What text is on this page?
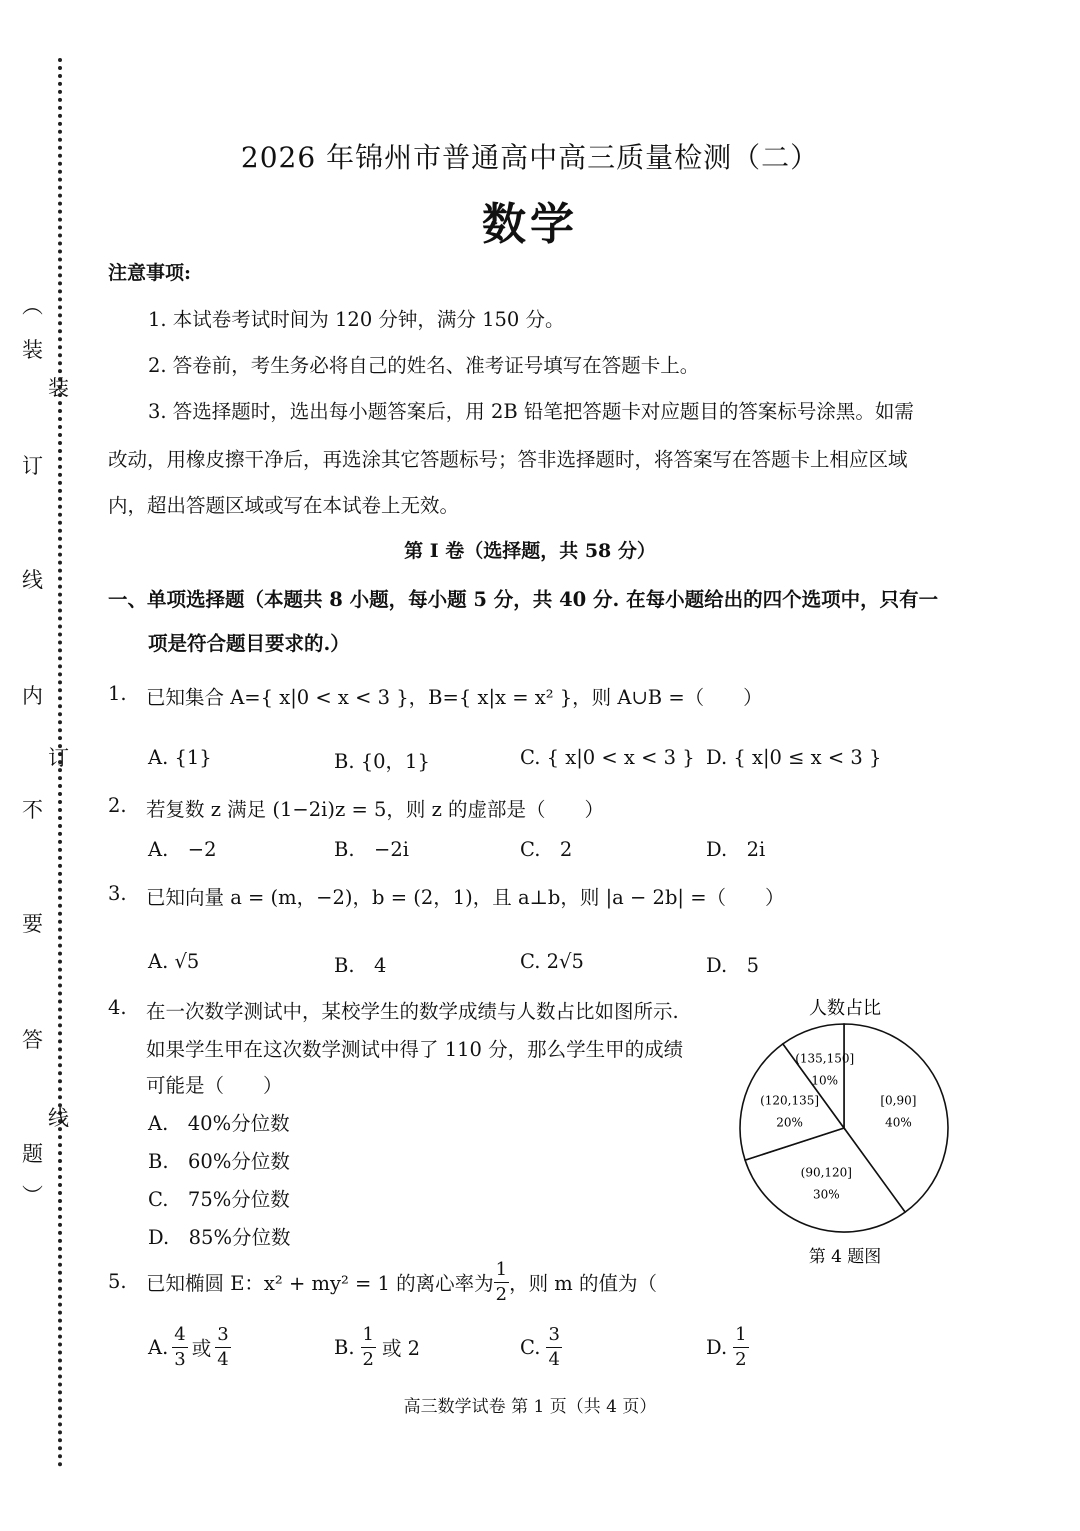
︵
装
订
线
内
不
要
答
题
︶
装
订
线
2026 年锦州市普通高中高三质量检测（二）
数学
注意事项:
1. 本试卷考试时间为 120 分钟，满分 150 分。
2. 答卷前，考生务必将自己的姓名、准考证号填写在答题卡上。
3. 答选择题时，选出每小题答案后，用 2B 铅笔把答题卡对应题目的答案标号涂黑。如需
改动，用橡皮擦干净后，再选涂其它答题标号；答非选择题时，将答案写在答题卡上相应区域
内，超出答题区域或写在本试卷上无效。
第 I 卷（选择题，共 58 分）
一、单项选择题（本题共 8 小题，每小题 5 分，共 40 分. 在每小题给出的四个选项中，只有一
项是符合题目要求的.）
1. 已知集合 A={ x|0 < x < 3 }，B={ x|x = x² }，则 A∪B =（　　）
A. {1}	B. {0，1}	C. { x|0 < x < 3 } D. { x|0 ≤ x < 3 }
2. 若复数 z 满足 (1−2i)z = 5，则 z 的虚部是（　　）
A.　−2	B.　−2i	C.　2	D.　2i
3. 已知向量 a = (m，−2)，b = (2，1)，且 a⊥b，则 |a − 2b| =（　　）
A. √5	B.　4	C. 2√5	D.　5
4. 在一次数学测试中，某校学生的数学成绩与人数占比如图所示.
如果学生甲在这次数学测试中得了 110 分，那么学生甲的成绩
可能是（　　）
A.　40%分位数
B.　60%分位数
C.　75%分位数
D.　85%分位数
人数占比
[0,90]
40%
(90,120]
30%
(120,135]
20%
(135,150]
10%
第 4 题图
5. 已知椭圆 E：x² + my² = 1 的离心率为 $\frac{1}{2}$ ，则 m 的值为（
A. $\frac{4}{3}$ 或 $\frac{3}{4}$	B. $\frac{1}{2}$ 或 2	C. $\frac{3}{4}$	D. $\frac{1}{2}$
高三数学试卷 第 1 页（共 4 页）
